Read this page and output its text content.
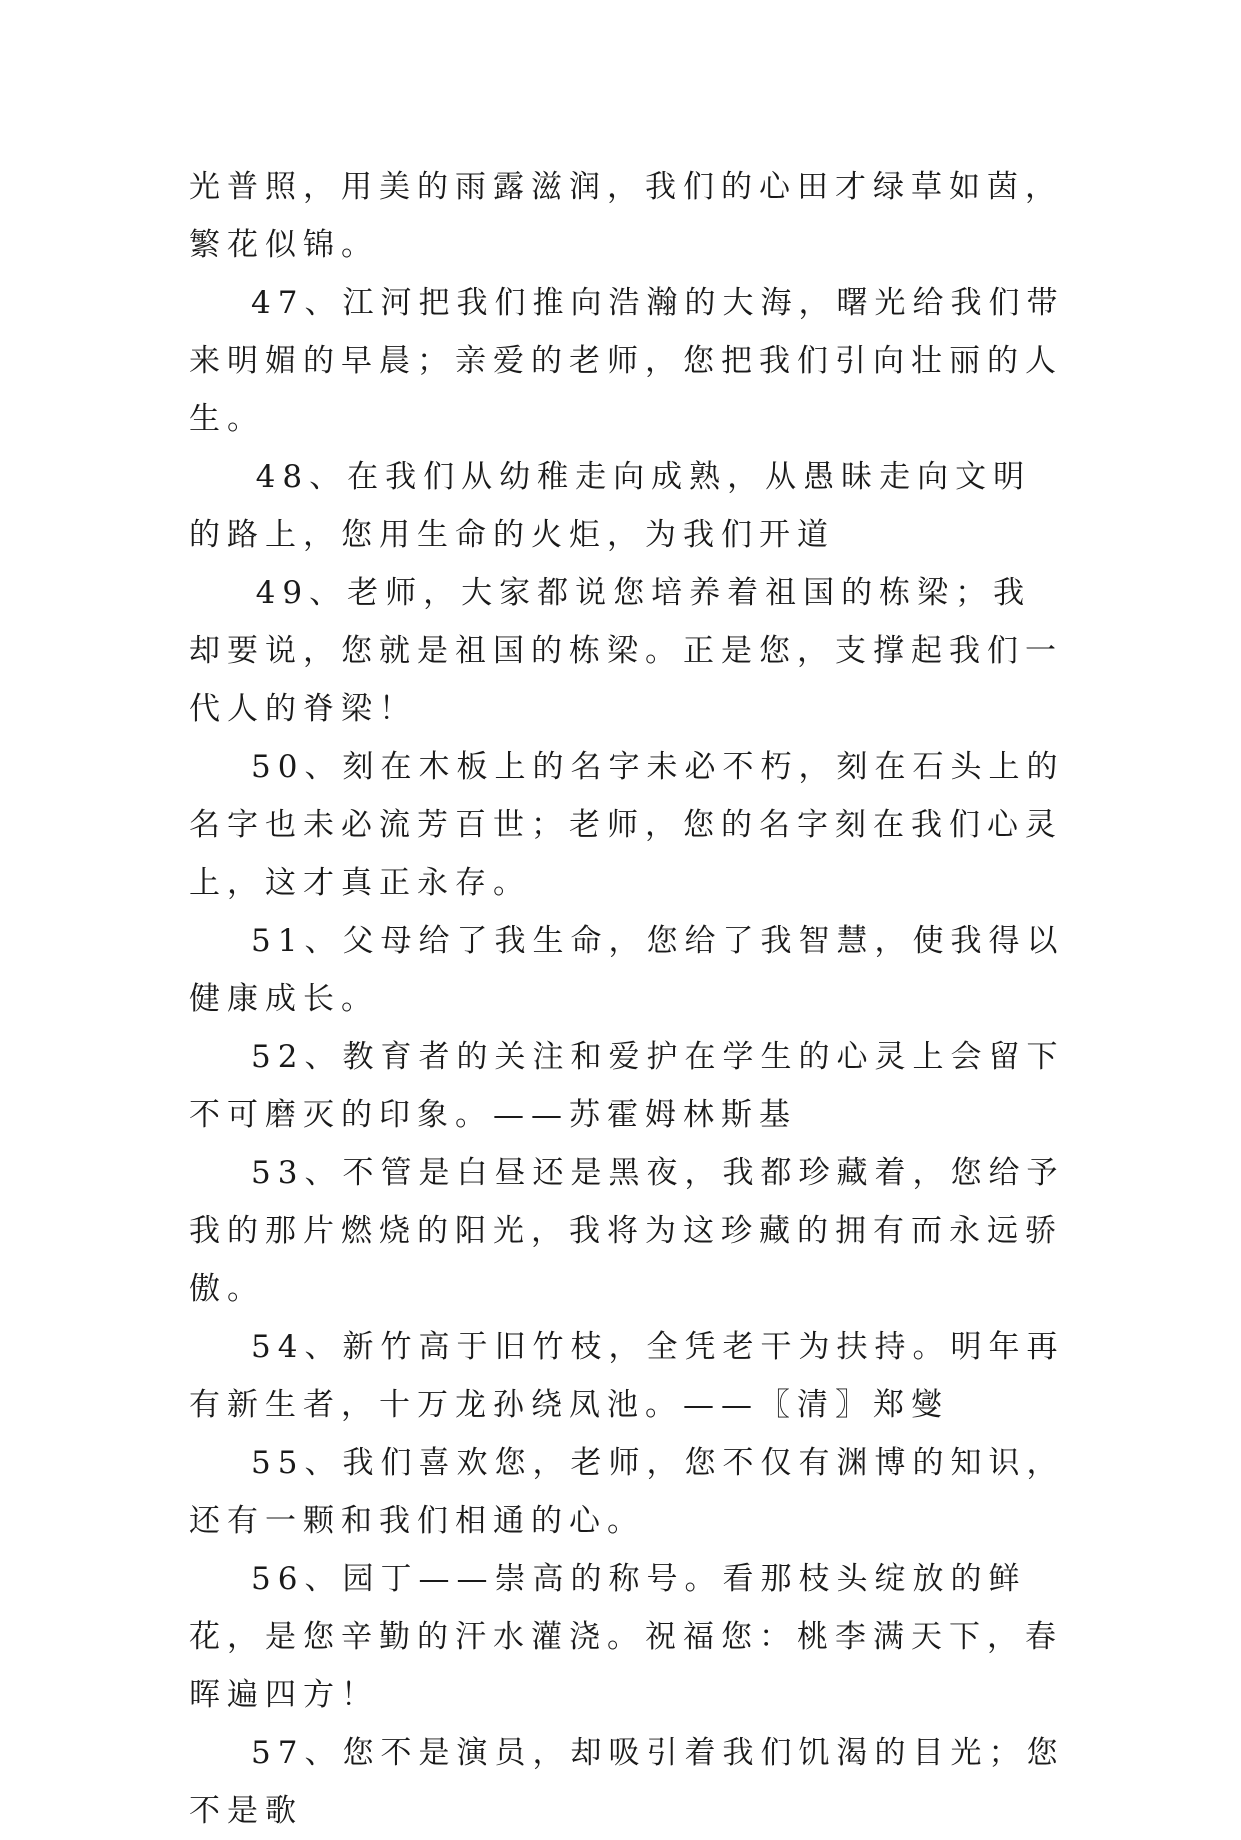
光普照，用美的雨露滋润，我们的心田才绿草如茵，繁花似锦。

47、江河把我们推向浩瀚的大海，曙光给我们带来明媚的早晨；亲爱的老师，您把我们引向壮丽的人生。

48、在我们从幼稚走向成熟，从愚昧走向文明的路上，您用生命的火炬，为我们开道

49、老师，大家都说您培养着祖国的栋梁；我却要说，您就是祖国的栋梁。正是您，支撑起我们一代人的脊梁！

50、刻在木板上的名字未必不朽，刻在石头上的名字也未必流芳百世；老师，您的名字刻在我们心灵上，这才真正永存。

51、父母给了我生命，您给了我智慧，使我得以健康成长。

52、教育者的关注和爱护在学生的心灵上会留下不可磨灭的印象。——苏霍姆林斯基

53、不管是白昼还是黑夜，我都珍藏着，您给予我的那片燃烧的阳光，我将为这珍藏的拥有而永远骄傲。

54、新竹高于旧竹枝，全凭老干为扶持。明年再有新生者，十万龙孙绕凤池。——〖清〗郑燮

55、我们喜欢您，老师，您不仅有渊博的知识，还有一颗和我们相通的心。

56、园丁——崇高的称号。看那枝头绽放的鲜花，是您辛勤的汗水灌浇。祝福您：桃李满天下，春晖遍四方！

57、您不是演员，却吸引着我们饥渴的目光；您不是歌
